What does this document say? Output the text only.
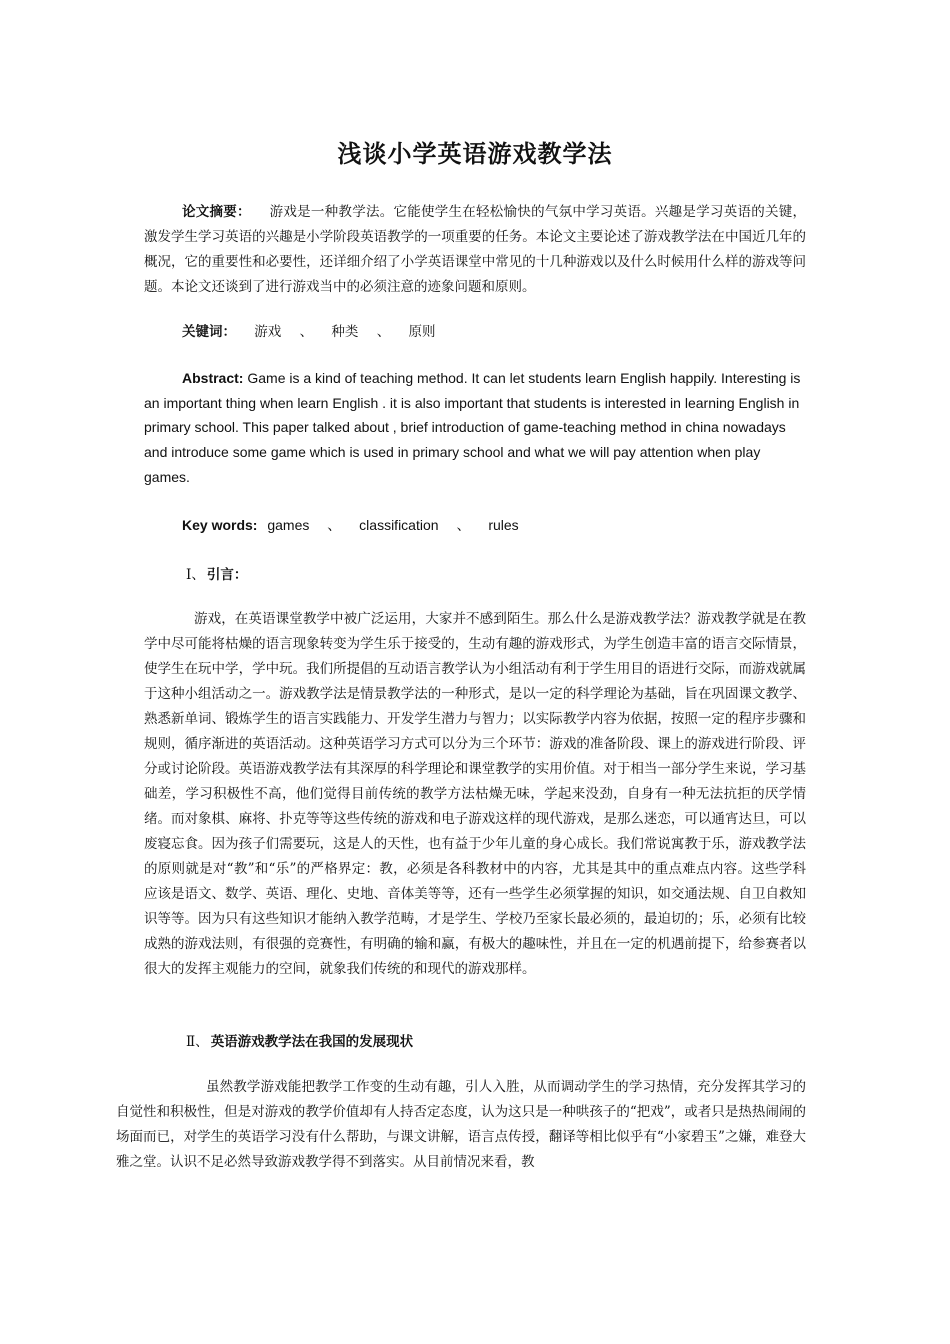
浅谈小学英语游戏教学法
论文摘要： 游戏是一种教学法。它能使学生在轻松愉快的气氛中学习英语。兴趣是学习英语的关键，激发学生学习英语的兴趣是小学阶段英语教学的一项重要的任务。本论文主要论述了游戏教学法在中国近几年的概况，它的重要性和必要性，还详细介绍了小学英语课堂中常见的十几种游戏以及什么时候用什么样的游戏等问题。本论文还谈到了进行游戏当中的必须注意的迹象问题和原则。
关键词： 游戏 、 种类 、 原则
Abstract: Game is a kind of teaching method. It can let students learn English happily. Interesting is an important thing when learn English . it is also important that students is interested in learning English in primary school. This paper talked about , brief introduction of game-teaching method in china nowadays and introduce some game which is used in primary school and what we will pay attention when play games.
Key words: games 、 classification 、 rules
Ⅰ、 引言：
游戏，在英语课堂教学中被广泛运用，大家并不感到陌生。那么什么是游戏教学法？游戏教学就是在教学中尽可能将枯燥的语言现象转变为学生乐于接受的，生动有趣的游戏形式，为学生创造丰富的语言交际情景，使学生在玩中学，学中玩。我们所提倡的互动语言教学认为小组活动有利于学生用目的语进行交际，而游戏就属于这种小组活动之一。游戏教学法是情景教学法的一种形式，是以一定的科学理论为基础，旨在巩固课文教学、熟悉新单词、锻炼学生的语言实践能力、开发学生潜力与智力；以实际教学内容为依据，按照一定的程序步骤和规则，循序渐进的英语活动。这种英语学习方式可以分为三个环节：游戏的准备阶段、课上的游戏进行阶段、评分或讨论阶段。英语游戏教学法有其深厚的科学理论和课堂教学的实用价值。对于相当一部分学生来说，学习基础差，学习积极性不高，他们觉得目前传统的教学方法枯燥无味，学起来没劲，自身有一种无法抗拒的厌学情绪。而对象棋、麻将、扑克等等这些传统的游戏和电子游戏这样的现代游戏，是那么迷恋，可以通宵达旦，可以废寝忘食。因为孩子们需要玩，这是人的天性，也有益于少年儿童的身心成长。我们常说寓教于乐，游戏教学法的原则就是对“教”和“乐”的严格界定：教，必须是各科教材中的内容，尤其是其中的重点难点内容。这些学科应该是语文、数学、英语、理化、史地、音体美等等，还有一些学生必须掌握的知识，如交通法规、自卫自救知识等等。因为只有这些知识才能纳入教学范畴，才是学生、学校乃至家长最必须的，最迫切的；乐，必须有比较成熟的游戏法则，有很强的竞赛性，有明确的输和赢，有极大的趣味性，并且在一定的机遇前提下，给参赛者以很大的发挥主观能力的空间，就象我们传统的和现代的游戏那样。
Ⅱ、 英语游戏教学法在我国的发展现状
虽然教学游戏能把教学工作变的生动有趣，引人入胜，从而调动学生的学习热情，充分发挥其学习的自觉性和积极性，但是对游戏的教学价值却有人持否定态度，认为这只是一种哄孩子的“把戏”，或者只是热热闹闹的场面而已，对学生的英语学习没有什么帮助，与课文讲解，语言点传授，翻译等相比似乎有“小家碧玉”之嫌，难登大雅之堂。认识不足必然导致游戏教学得不到落实。从目前情况来看，教
